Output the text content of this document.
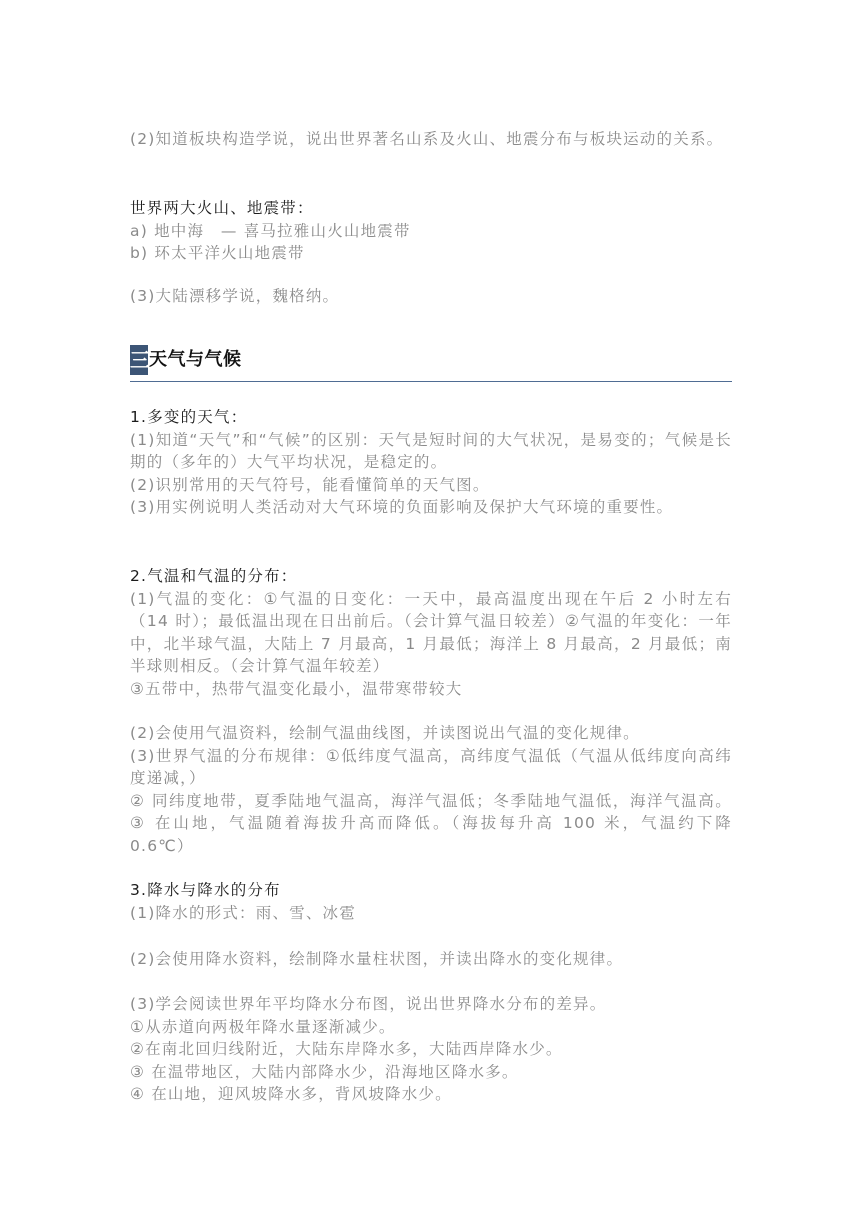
(2)知道板块构造学说，说出世界著名山系及火山、地震分布与板块运动的关系。

世界两大火山、地震带：

a) 地中海　— 喜马拉雅山火山地震带

b) 环太平洋火山地震带

(3)大陆漂移学说，魏格纳。

三 天气与气候

1.多变的天气：

(1)知道“天气”和“气候”的区别：天气是短时间的大气状况，是易变的；气候是长期的（多年的）大气平均状况，是稳定的。

(2)识别常用的天气符号，能看懂简单的天气图。

(3)用实例说明人类活动对大气环境的负面影响及保护大气环境的重要性。

2.气温和气温的分布：

(1)气温的变化：①气温的日变化：一天中，最高温度出现在午后 2 小时左右（14 时）；最低温出现在日出前后。（会计算气温日较差）②气温的年变化：一年中，北半球气温，大陆上 7 月最高，1 月最低；海洋上 8 月最高，2 月最低；南半球则相反。（会计算气温年较差）

③五带中，热带气温变化最小，温带寒带较大

(2)会使用气温资料，绘制气温曲线图，并读图说出气温的变化规律。

(3)世界气温的分布规律：①低纬度气温高，高纬度气温低（气温从低纬度向高纬度递减，）

② 同纬度地带，夏季陆地气温高，海洋气温低；冬季陆地气温低，海洋气温高。 ③ 在山地，气温随着海拔升高而降低。（海拔每升高 100 米，气温约下降 0.6℃）

3.降水与降水的分布

(1)降水的形式：雨、雪、冰雹

(2)会使用降水资料，绘制降水量柱状图，并读出降水的变化规律。

(3)学会阅读世界年平均降水分布图，说出世界降水分布的差异。

①从赤道向两极年降水量逐渐减少。

②在南北回归线附近，大陆东岸降水多，大陆西岸降水少。

③ 在温带地区，大陆内部降水少，沿海地区降水多。

④ 在山地，迎风坡降水多，背风坡降水少。
